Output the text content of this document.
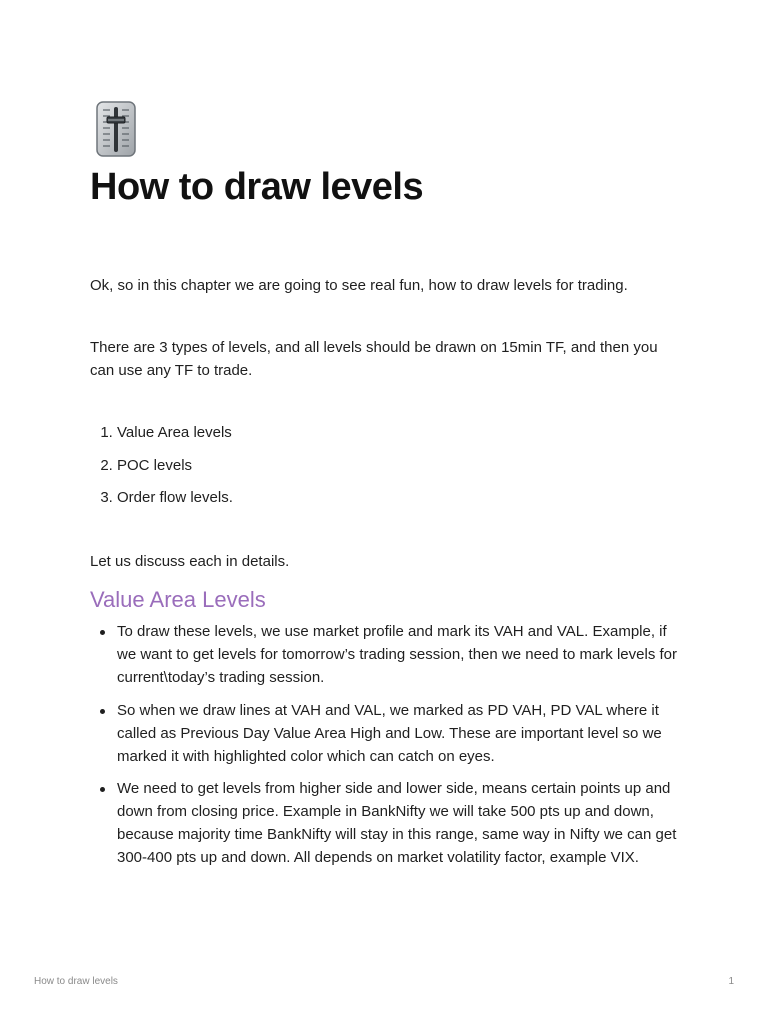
How to draw levels

Ok, so in this chapter we are going to see real fun, how to draw levels for trading.

There are 3 types of levels, and all levels should be drawn on 15min TF, and then you can use any TF to trade.

1. Value Area levels
2. POC levels
3. Order flow levels.

Let us discuss each in details.

Value Area Levels
To draw these levels, we use market profile and mark its VAH and VAL. Example, if we want to get levels for tomorrow’s trading session, then we need to mark levels for current\today’s trading session.
So when we draw lines at VAH and VAL, we marked as PD VAH, PD VAL where it called as Previous Day Value Area High and Low. These are important level so we marked it with highlighted color which can catch on eyes.
We need to get levels from higher side and lower side, means certain points up and down from closing price. Example in BankNifty we will take 500 pts up and down, because majority time BankNifty will stay in this range, same way in Nifty we can get 300-400 pts up and down. All depends on market volatility factor, example VIX.
How to draw levels	1
